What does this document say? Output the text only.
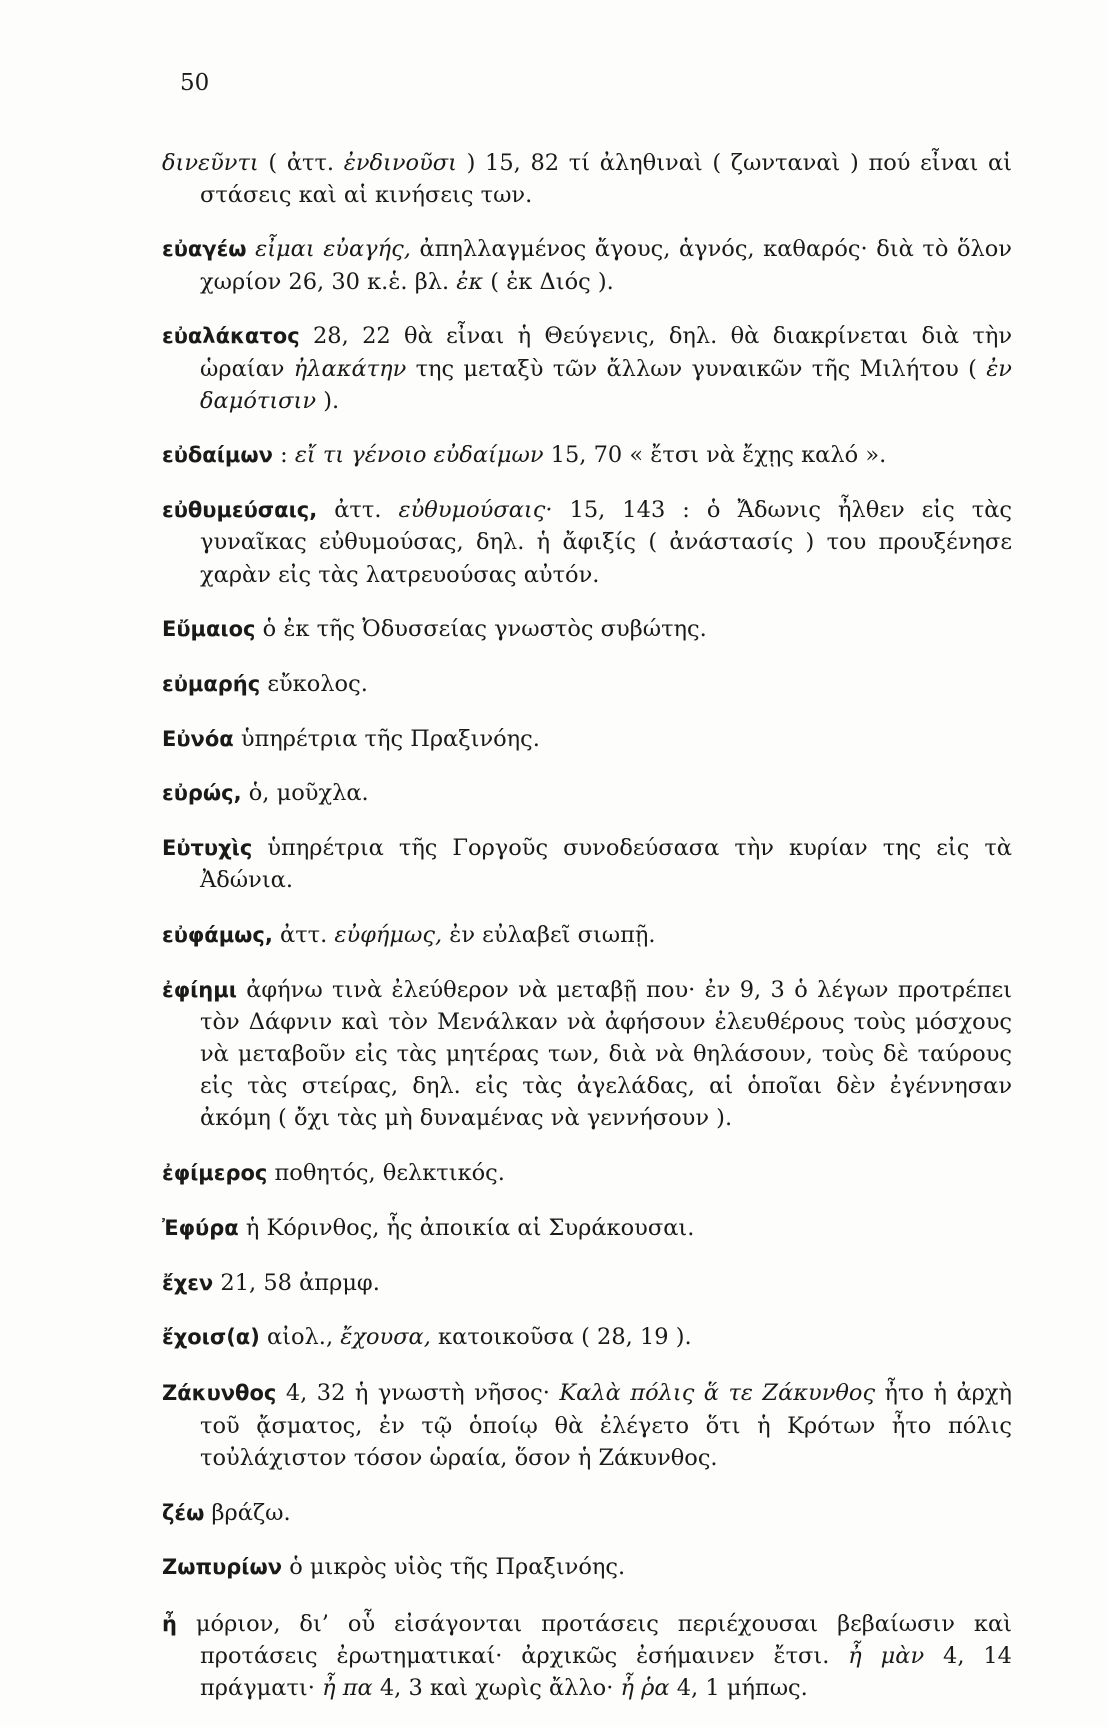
50

δινεῦντι ( ἀττ. ἐνδινοῦσι ) 15, 82 τί ἀληθιναὶ ( ζωνταναὶ ) πού εἶναι αἱ στάσεις καὶ αἱ κινήσεις των.

εὐαγέω εἶμαι εὐαγής, ἀπηλλαγμένος ἄγους, ἁγνός, καθαρός· διὰ τὸ ὅλον χωρίον 26, 30 κ.ἑ. βλ. ἐκ ( ἐκ Διός ).

εὐαλάκατος 28, 22 θὰ εἶναι ἡ Θεύγενις, δηλ. θὰ διακρίνεται διὰ τὴν ὡραίαν ἠλακάτην της μεταξὺ τῶν ἄλλων γυναικῶν τῆς Μιλήτου ( ἐν δαμότισιν ).

εὐδαίμων : εἴ τι γένοιο εὐδαίμων 15, 70 « ἔτσι νὰ ἔχῃς καλό ».

εὐθυμεύσαις, ἀττ. εὐθυμούσαις· 15, 143 : ὁ Ἄδωνις ἦλθεν εἰς τὰς γυναῖκας εὐθυμούσας, δηλ. ἡ ἄφιξίς ( ἀνάστασίς ) του προυξένησε χαρὰν εἰς τὰς λατρευούσας αὐτόν.

Εὔμαιος ὁ ἐκ τῆς Ὀδυσσείας γνωστὸς συβώτης.

εὐμαρής εὔκολος.

Εὐνόα ὑπηρέτρια τῆς Πραξινόης.

εὐρώς, ὁ, μοῦχλα.

Εὐτυχὶς ὑπηρέτρια τῆς Γοργοῦς συνοδεύσασα τὴν κυρίαν της εἰς τὰ Ἀδώνια.

εὐφάμως, ἀττ. εὐφήμως, ἐν εὐλαβεῖ σιωπῇ.

ἐφίημι ἀφήνω τινὰ ἐλεύθερον νὰ μεταβῇ που· ἐν 9, 3 ὁ λέγων προτρέπει τὸν Δάφνιν καὶ τὸν Μενάλκαν νὰ ἀφήσουν ἐλευθέρους τοὺς μόσχους νὰ μεταβοῦν εἰς τὰς μητέρας των, διὰ νὰ θηλάσουν, τοὺς δὲ ταύρους εἰς τὰς στείρας, δηλ. εἰς τὰς ἀγελάδας, αἱ ὁποῖαι δὲν ἐγέννησαν ἀκόμη ( ὄχι τὰς μὴ δυναμένας νὰ γεννήσουν ).

ἐφίμερος ποθητός, θελκτικός.

Ἐφύρα ἡ Κόρινθος, ἧς ἀποικία αἱ Συράκουσαι.

ἔχεν 21, 58 ἀπρμφ.

ἔχοισ(α) αἰολ., ἔχουσα, κατοικοῦσα ( 28, 19 ).

Ζάκυνθος 4, 32 ἡ γνωστὴ νῆσος· Καλὰ πόλις ἅ τε Ζάκυνθος ἦτο ἡ ἀρχὴ τοῦ ᾄσματος, ἐν τῷ ὁποίῳ θὰ ἐλέγετο ὅτι ἡ Κρότων ἦτο πόλις τοὐλάχιστον τόσον ὡραία, ὅσον ἡ Ζάκυνθος.

ζέω βράζω.

Ζωπυρίων ὁ μικρὸς υἱὸς τῆς Πραξινόης.

ἦ μόριον, δι’ οὗ εἰσάγονται προτάσεις περιέχουσαι βεβαίωσιν καὶ προτάσεις ἐρωτηματικαί· ἀρχικῶς ἐσήμαινεν ἔτσι. ἦ μὰν 4, 14 πράγματι· ἦ πα 4, 3 καὶ χωρὶς ἄλλο· ἦ ῥα 4, 1 μήπως.
